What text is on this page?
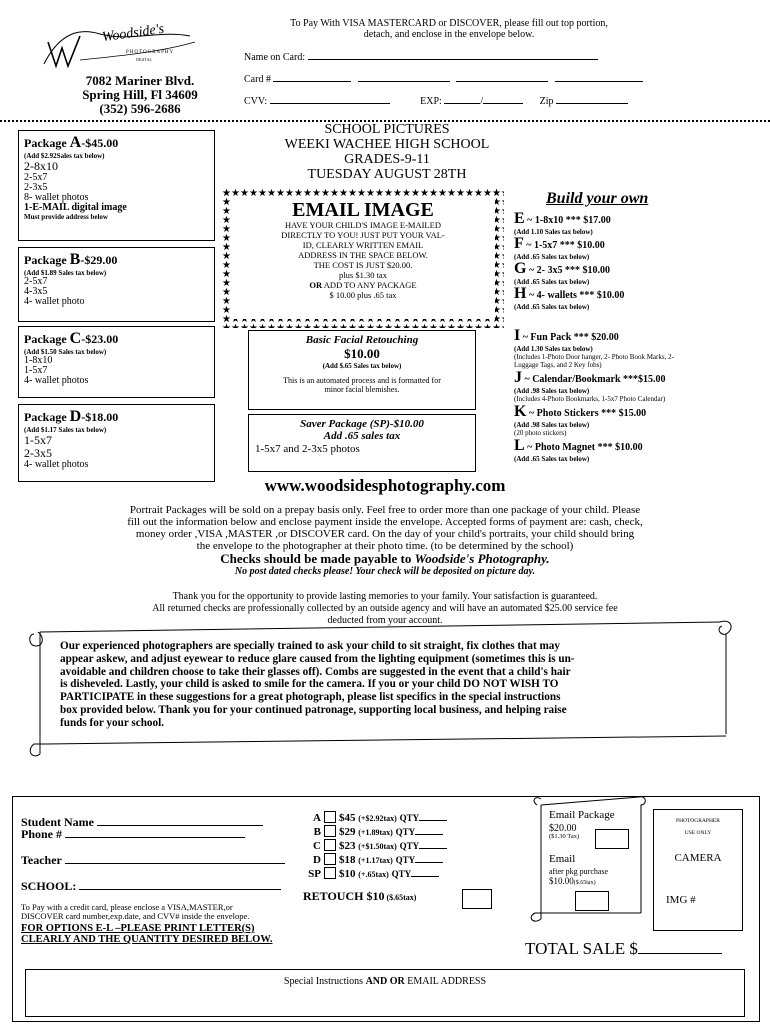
Woodside's
PHOTOGRAPHY
DIGITAL
7082 Mariner Blvd.
Spring Hill, Fl 34609
(352) 596-2686
To Pay With VISA MASTERCARD or DISCOVER, please fill out top portion,
detach, and enclose in the envelope below.
Name on Card:
Card #
CVV:	EXP:	/	Zip
SCHOOL PICTURES
WEEKI WACHEE HIGH SCHOOL
GRADES-9-11
TUESDAY AUGUST 28TH
Package A-$45.00
(Add $2.92Sales tax below)
2-8x10
2-5x7
2-3x5
8- wallet photos
1-E-MAIL digital image
Must provide address below
Package B-$29.00
(Add $1.89 Sales tax below)
2-5x7
4-3x5
4- wallet photo
Package C-$23.00
(Add $1.50 Sales tax below)
1-8x10
1-5x7
4- wallet photos
Package D-$18.00
(Add $1.17 Sales tax below)
1-5x7
2-3x5
4- wallet photos
EMAIL IMAGE
HAVE YOUR CHILD'S IMAGE E-MAILED
DIRECTLY TO YOU! JUST PUT YOUR VAL-
ID, CLEARLY WRITTEN EMAIL
ADDRESS IN THE SPACE BELOW.
THE COST IS JUST $20.00.
plus $1.30 tax
OR ADD TO ANY PACKAGE
$ 10.00 plus .65 tax
Basic Facial Retouching
$10.00
(Add $.65 Sales tax below)
This is an automated process and is formatted for
minor facial blemishes.
Saver Package (SP)-$10.00
Add .65 sales tax
1-5x7 and 2-3x5 photos
Build your own
E ~ 1-8x10 *** $17.00
(Add 1.10 Sales tax below)
F ~ 1-5x7 *** $10.00
(Add .65 Sales tax below)
G ~ 2- 3x5 *** $10.00
(Add .65 Sales tax below)
H ~ 4- wallets *** $10.00
(Add .65 Sales tax below)
I ~ Fun Pack *** $20.00
(Add 1.30 Sales tax below)
(Includes 1-Photo Door hanger, 2- Photo Book Marks, 2-
Luggage Tags, and 2 Key fobs)
J ~ Calendar/Bookmark ***$15.00
(Add .98 Sales tax below)
(Includes 4-Photo Bookmarks, 1-5x7 Photo Calendar)
K ~ Photo Stickers *** $15.00
(Add .98 Sales tax below)
(20 photo stickers)
L ~ Photo Magnet *** $10.00
(Add .65 Sales tax below)
www.woodsidesphotography.com
Portrait Packages will be sold on a prepay basis only. Feel free to order more than one package of your child. Please
fill out the information below and enclose payment inside the envelope. Accepted forms of payment are: cash, check,
money order ,VISA ,MASTER ,or DISCOVER card. On the day of your child's portraits, your child should bring
the envelope to the photographer at their photo time. (to be determined by the school)
Checks should be made payable to Woodside's Photography.
No post dated checks please! Your check will be deposited on picture day.
Thank you for the opportunity to provide lasting memories to your family. Your satisfaction is guaranteed.
All returned checks are professionally collected by an outside agency and will have an automated $25.00 service fee
deducted from your account.
Our experienced photographers are specially trained to ask your child to sit straight, fix clothes that may
appear askew, and adjust eyewear to reduce glare caused from the lighting equipment (sometimes this is un-
avoidable and children choose to take their glasses off). Combs are suggested in the event that a child's hair
is disheveled. Lastly, your child is asked to smile for the camera. If you or your child DO NOT WISH TO
PARTICIPATE in these suggestions for a great photograph, please list specifics in the special instructions
box provided below. Thank you for your continued patronage, supporting local business, and helping raise
funds for your school.
Student Name
Phone #
Teacher
SCHOOL:
To Pay with a credit card, please enclose a VISA,MASTER,or
DISCOVER card number,exp.date, and CVV# inside the envelope.
FOR OPTIONS E-L –PLEASE PRINT LETTER(S)
CLEARLY AND THE QUANTITY DESIRED BELOW.
A $45 (+$2.92tax) QTY
B $29 (+1.89tax) QTY
C $23 (+$1.50tax) QTY
D $18 (+1.17tax) QTY
SP $10 (+.65tax) QTY
RETOUCH $10 ($.65tax)
Email Package
$20.00
($1.30 Tax)
Email
after pkg purchase
$10.00($.65tax)
PHOTOGRAPHER
USE ONLY
CAMERA
IMG #
TOTAL SALE $
Special Instructions AND OR EMAIL ADDRESS
